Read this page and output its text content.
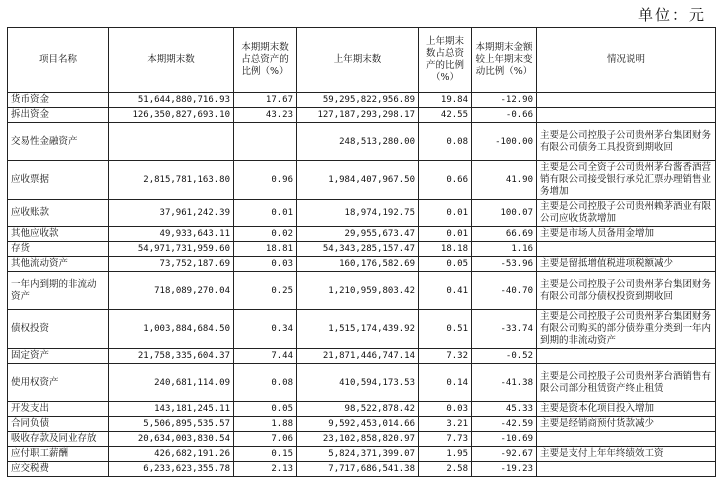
单位：元
项目名称	本期期末数	本期期末数占总资产的比例（%）	上年期末数	上年期末数占总资产的比例（%）	本期期末金额较上年期末变动比例（%）	情况说明
货币资金	51,644,880,716.93	17.67	59,295,822,956.89	19.84	-12.90	
拆出资金	126,350,827,693.10	43.23	127,187,293,298.17	42.55	-0.66	
交易性金融资产			248,513,280.00	0.08	-100.00	主要是公司控股子公司贵州茅台集团财务有限公司债务工具投资到期收回
应收票据	2,815,781,163.80	0.96	1,984,407,967.50	0.66	41.90	主要是公司全资子公司贵州茅台酱香酒营销有限公司接受银行承兑汇票办理销售业务增加
应收账款	37,961,242.39	0.01	18,974,192.75	0.01	100.07	主要是公司控股子公司贵州赖茅酒业有限公司应收货款增加
其他应收款	49,933,643.11	0.02	29,955,673.47	0.01	66.69	主要是市场人员备用金增加
存货	54,971,731,959.60	18.81	54,343,285,157.47	18.18	1.16	
其他流动资产	73,752,187.69	0.03	160,176,582.69	0.05	-53.96	主要是留抵增值税进项税额减少
一年内到期的非流动资产	718,089,270.04	0.25	1,210,959,803.42	0.41	-40.70	主要是公司控股子公司贵州茅台集团财务有限公司部分债权投资到期收回
债权投资	1,003,884,684.50	0.34	1,515,174,439.92	0.51	-33.74	主要是公司控股子公司贵州茅台集团财务有限公司购买的部分债券重分类到一年内到期的非流动资产
固定资产	21,758,335,604.37	7.44	21,871,446,747.14	7.32	-0.52	
使用权资产	240,681,114.09	0.08	410,594,173.53	0.14	-41.38	主要是公司控股子公司贵州茅台酒销售有限公司部分租赁资产终止租赁
开发支出	143,181,245.11	0.05	98,522,878.42	0.03	45.33	主要是资本化项目投入增加
合同负债	5,506,895,535.57	1.88	9,592,453,014.66	3.21	-42.59	主要是经销商预付货款减少
吸收存款及同业存放	20,634,003,830.54	7.06	23,102,858,820.97	7.73	-10.69	
应付职工薪酬	426,682,191.26	0.15	5,824,371,399.07	1.95	-92.67	主要是支付上年年终绩效工资
应交税费	6,233,623,355.78	2.13	7,717,686,541.38	2.58	-19.23	
